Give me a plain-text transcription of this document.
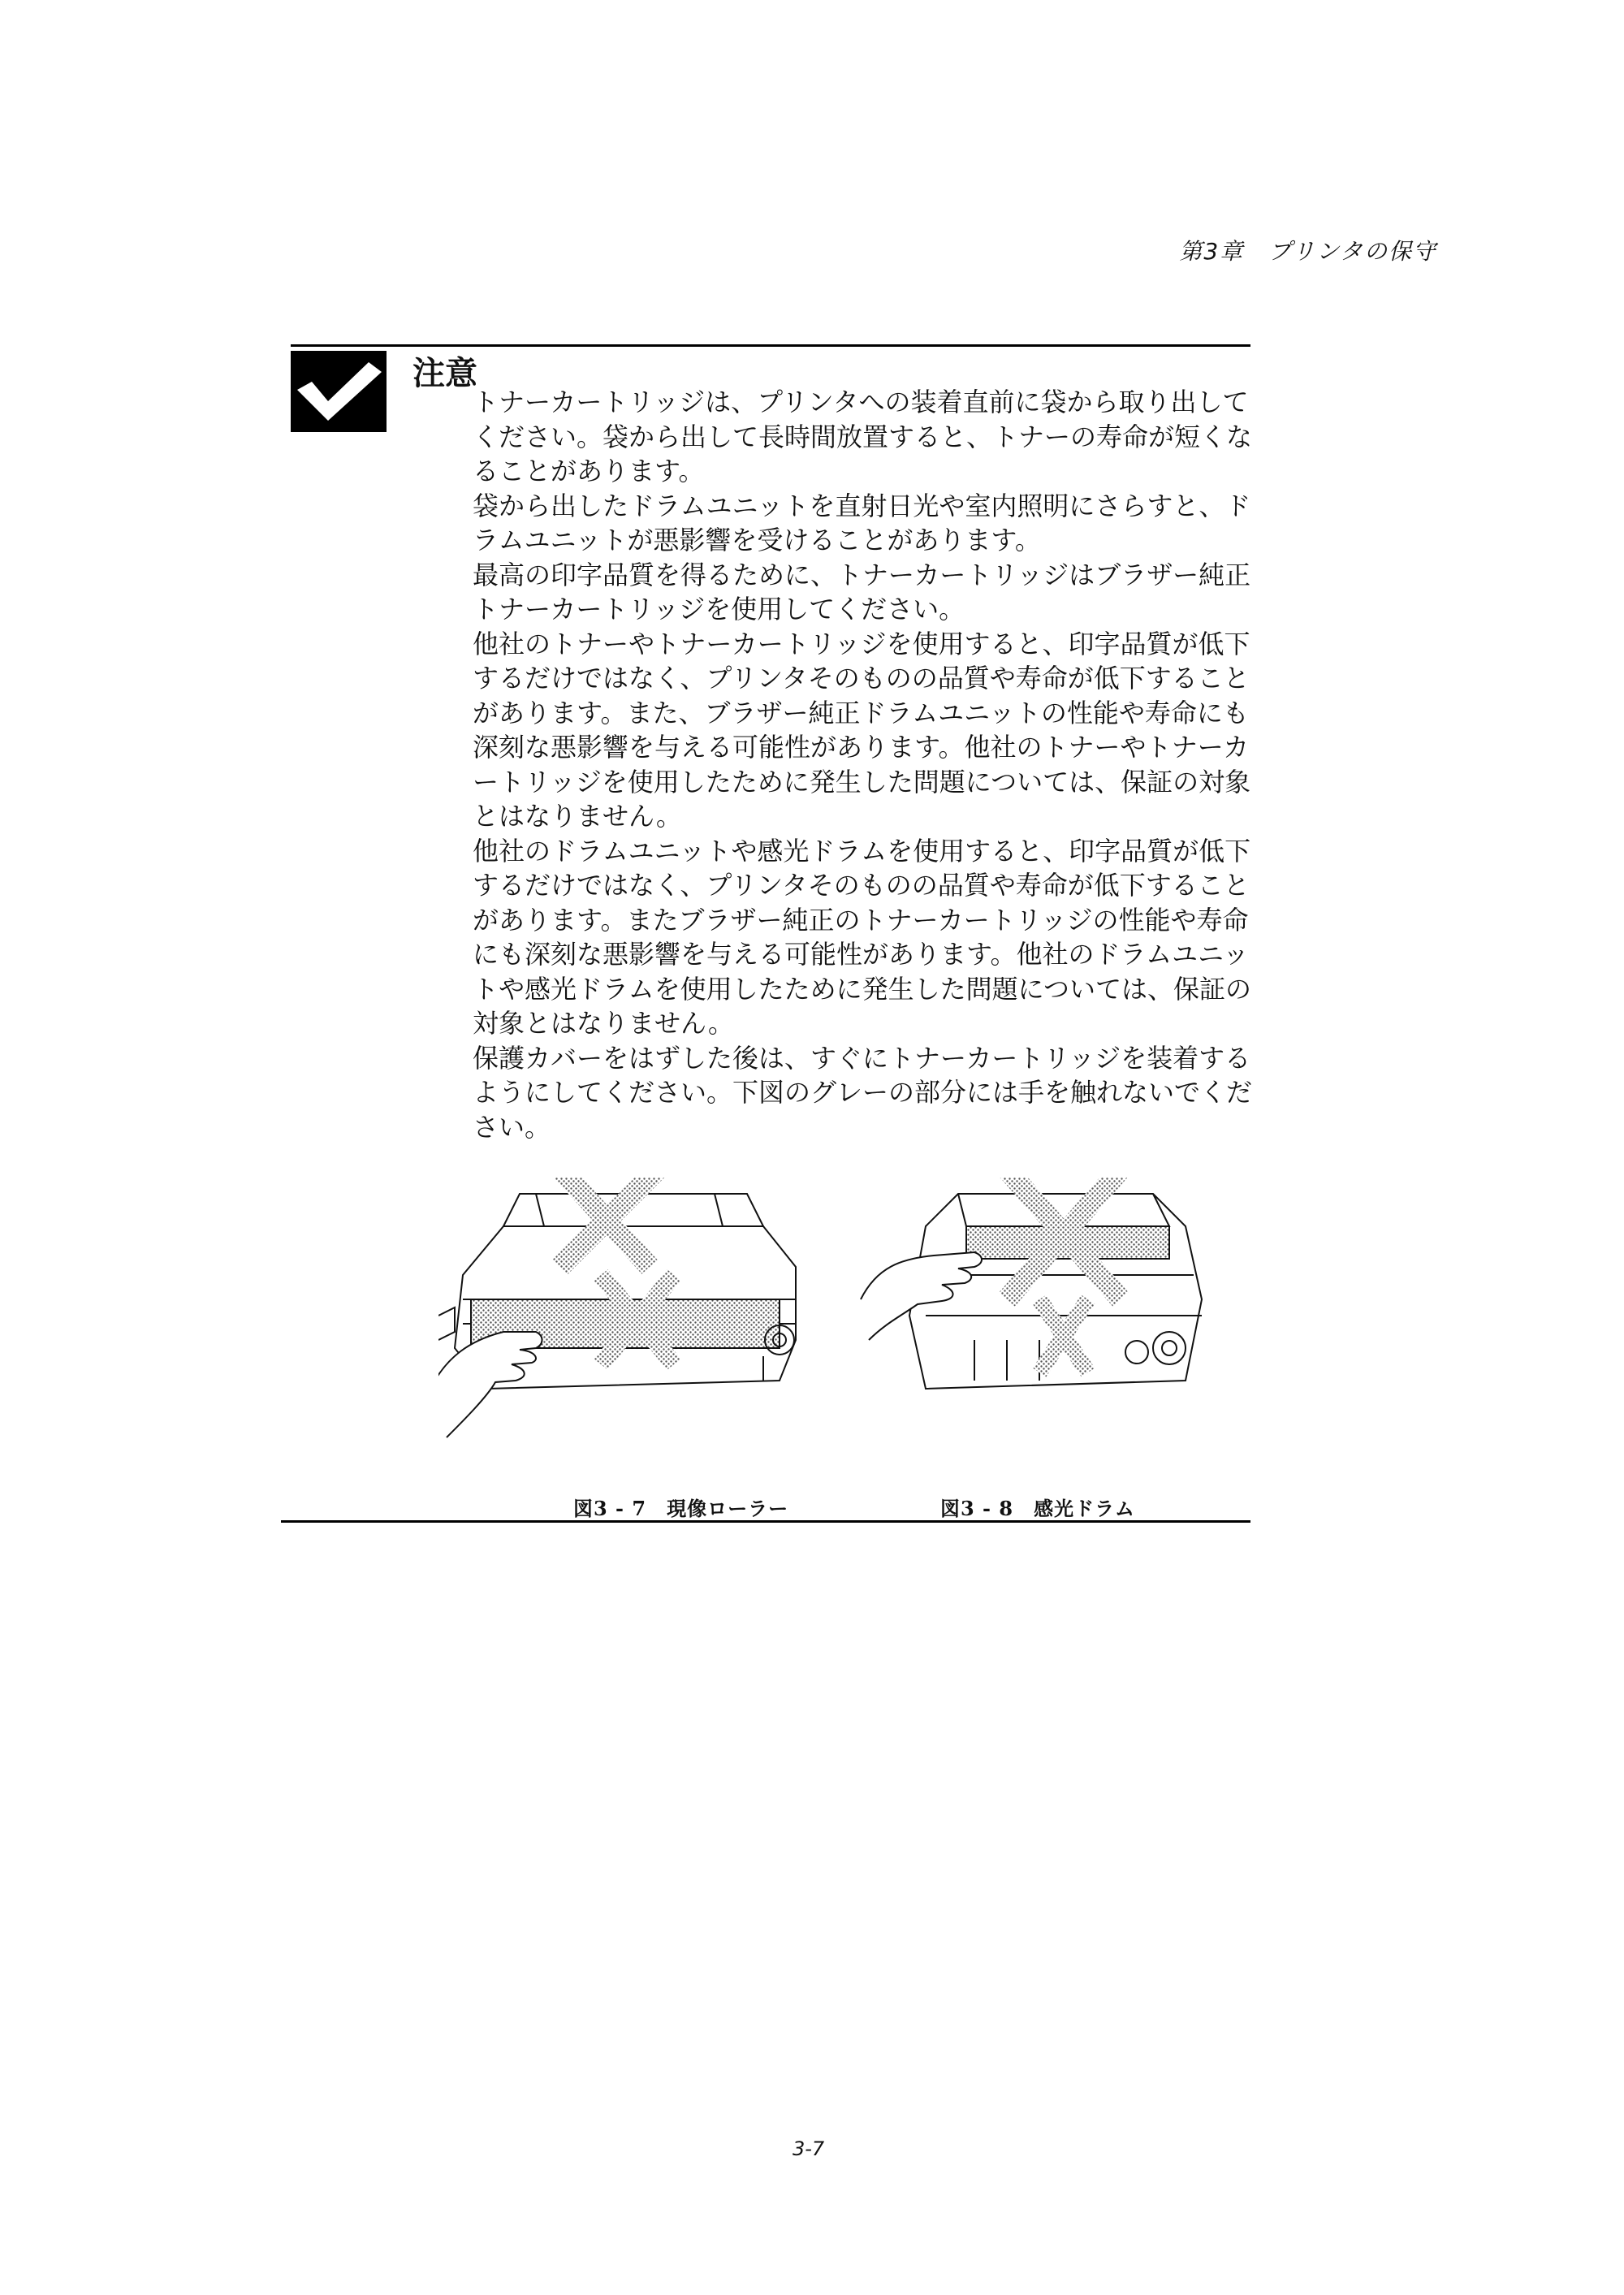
第3章　プリンタの保守
注意
トナーカートリッジは、プリンタへの装着直前に袋から取り出してください。袋から出して長時間放置すると、トナーの寿命が短くなることがあります。
袋から出したドラムユニットを直射日光や室内照明にさらすと、ドラムユニットが悪影響を受けることがあります。
最高の印字品質を得るために、トナーカートリッジはブラザー純正トナーカートリッジを使用してください。
他社のトナーやトナーカートリッジを使用すると、印字品質が低下するだけではなく、プリンタそのものの品質や寿命が低下することがあります。また、ブラザー純正ドラムユニットの性能や寿命にも深刻な悪影響を与える可能性があります。他社のトナーやトナーカートリッジを使用したために発生した問題については、保証の対象とはなりません。
他社のドラムユニットや感光ドラムを使用すると、印字品質が低下するだけではなく、プリンタそのものの品質や寿命が低下することがあります。またブラザー純正のトナーカートリッジの性能や寿命にも深刻な悪影響を与える可能性があります。他社のドラムユニットや感光ドラムを使用したために発生した問題については、保証の対象とはなりません。
保護カバーをはずした後は、すぐにトナーカートリッジを装着するようにしてください。下図のグレーの部分には手を触れないでください。
図3 - 7　現像ローラー	図3 - 8　感光ドラム
3-7
